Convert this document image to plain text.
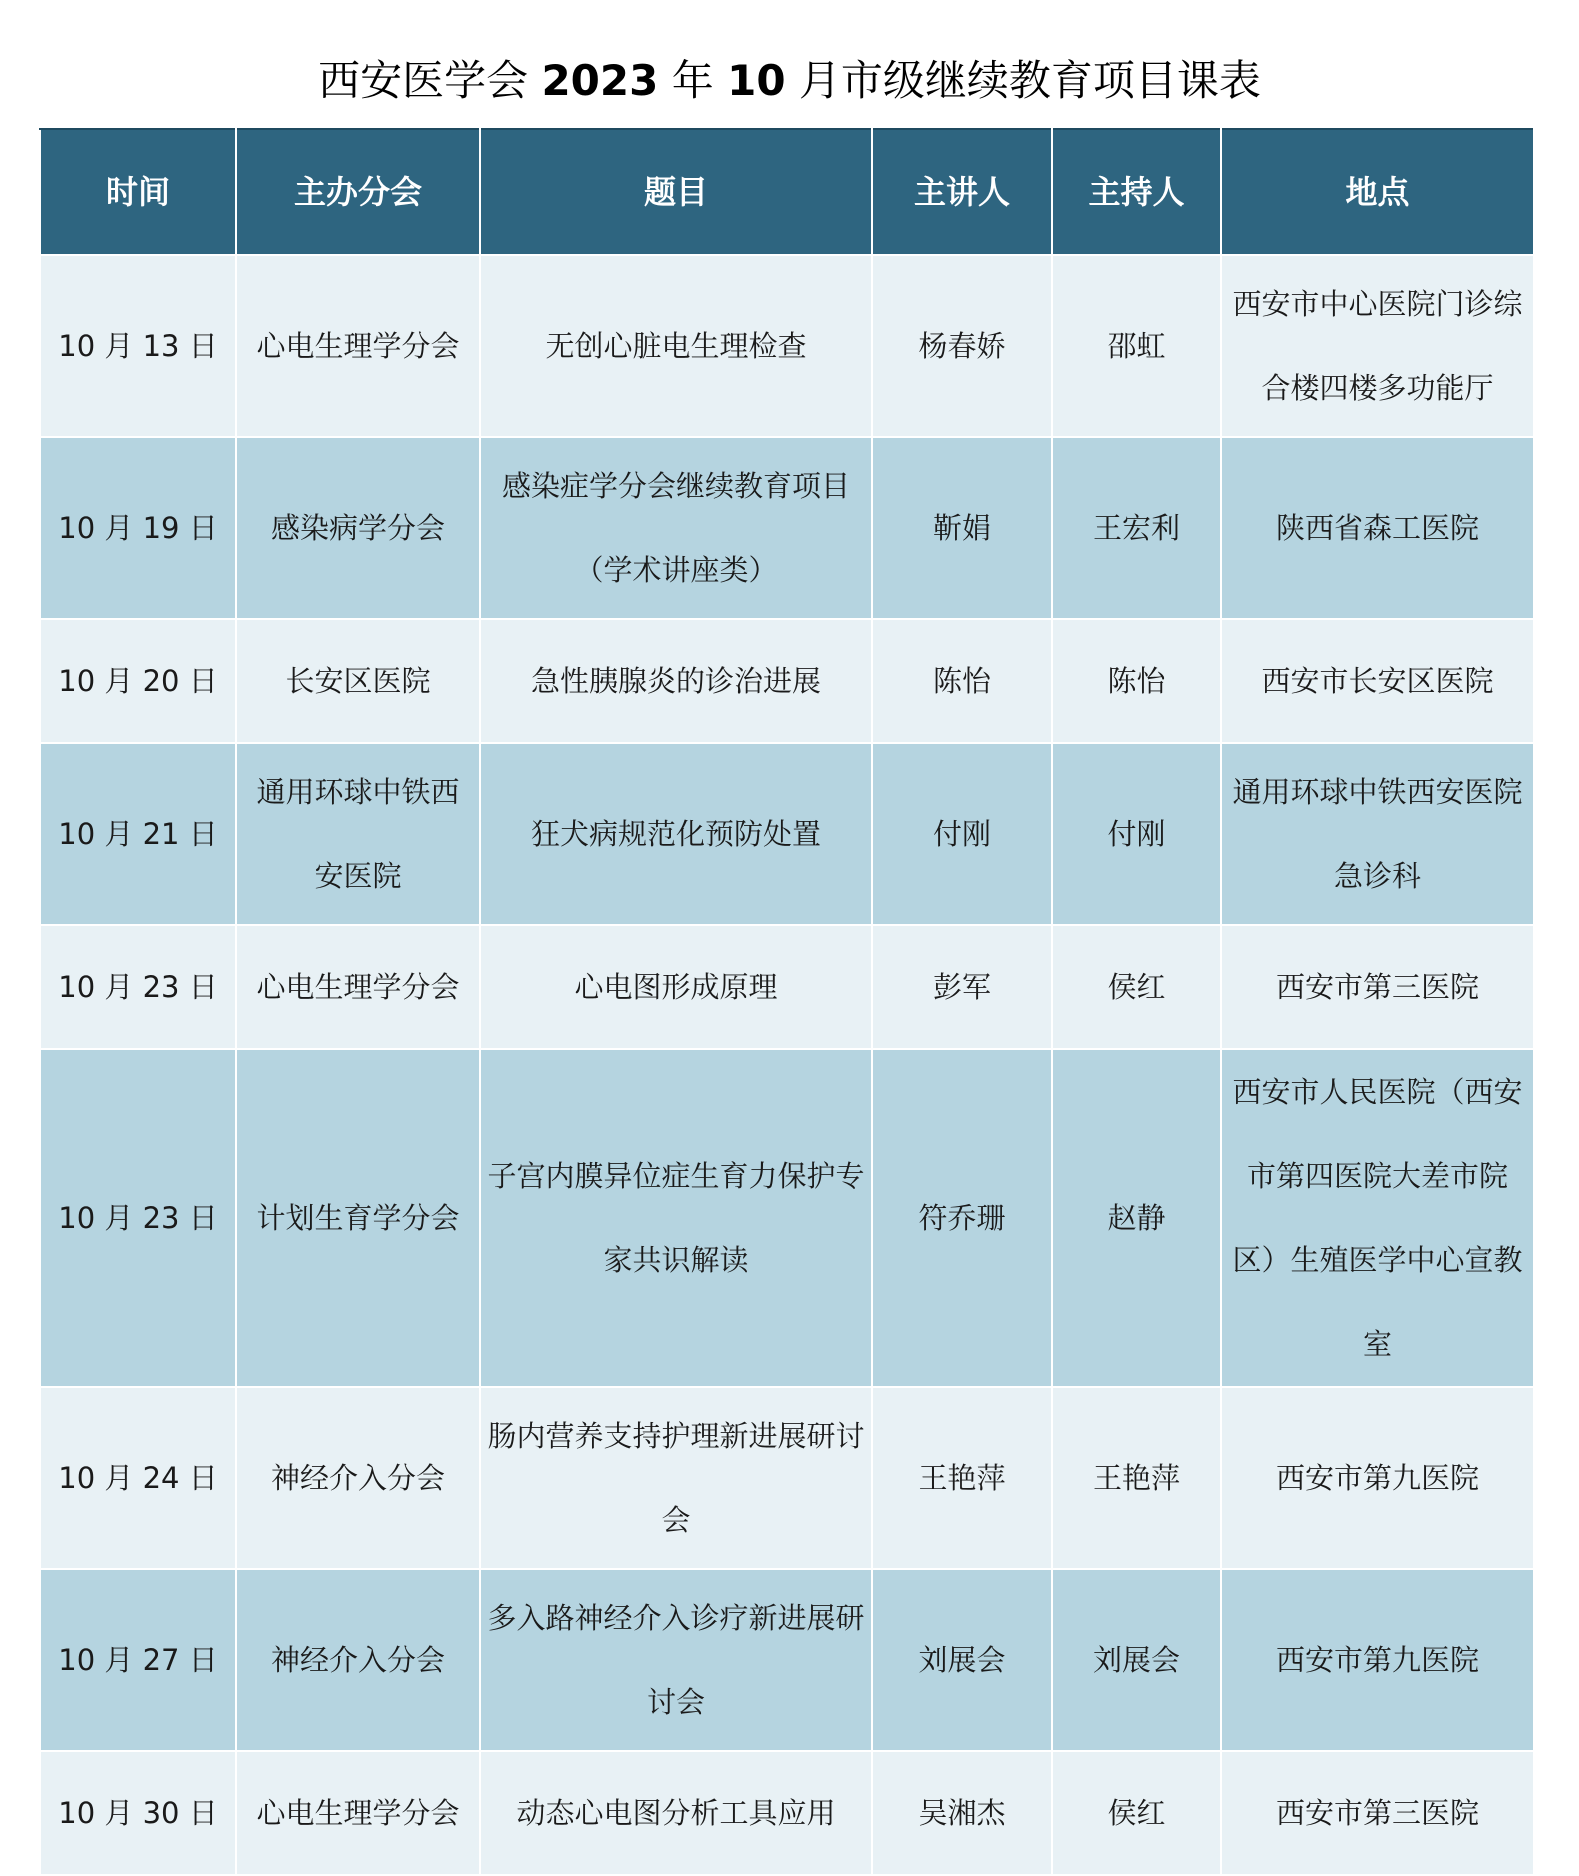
西安医学会 2023 年 10 月市级继续教育项目课表
时间	主办分会	题目	主讲人	主持人	地点
10 月 13 日	心电生理学分会	无创心脏电生理检查	杨春娇	邵虹	西安市中心医院门诊综合楼四楼多功能厅
10 月 19 日	感染病学分会	感染症学分会继续教育项目（学术讲座类）	靳娟	王宏利	陕西省森工医院
10 月 20 日	长安区医院	急性胰腺炎的诊治进展	陈怡	陈怡	西安市长安区医院
10 月 21 日	通用环球中铁西安医院	狂犬病规范化预防处置	付刚	付刚	通用环球中铁西安医院急诊科
10 月 23 日	心电生理学分会	心电图形成原理	彭军	侯红	西安市第三医院
10 月 23 日	计划生育学分会	子宫内膜异位症生育力保护专家共识解读	符乔珊	赵静	西安市人民医院（西安市第四医院大差市院区）生殖医学中心宣教室
10 月 24 日	神经介入分会	肠内营养支持护理新进展研讨会	王艳萍	王艳萍	西安市第九医院
10 月 27 日	神经介入分会	多入路神经介入诊疗新进展研讨会	刘展会	刘展会	西安市第九医院
10 月 30 日	心电生理学分会	动态心电图分析工具应用	吴湘杰	侯红	西安市第三医院
